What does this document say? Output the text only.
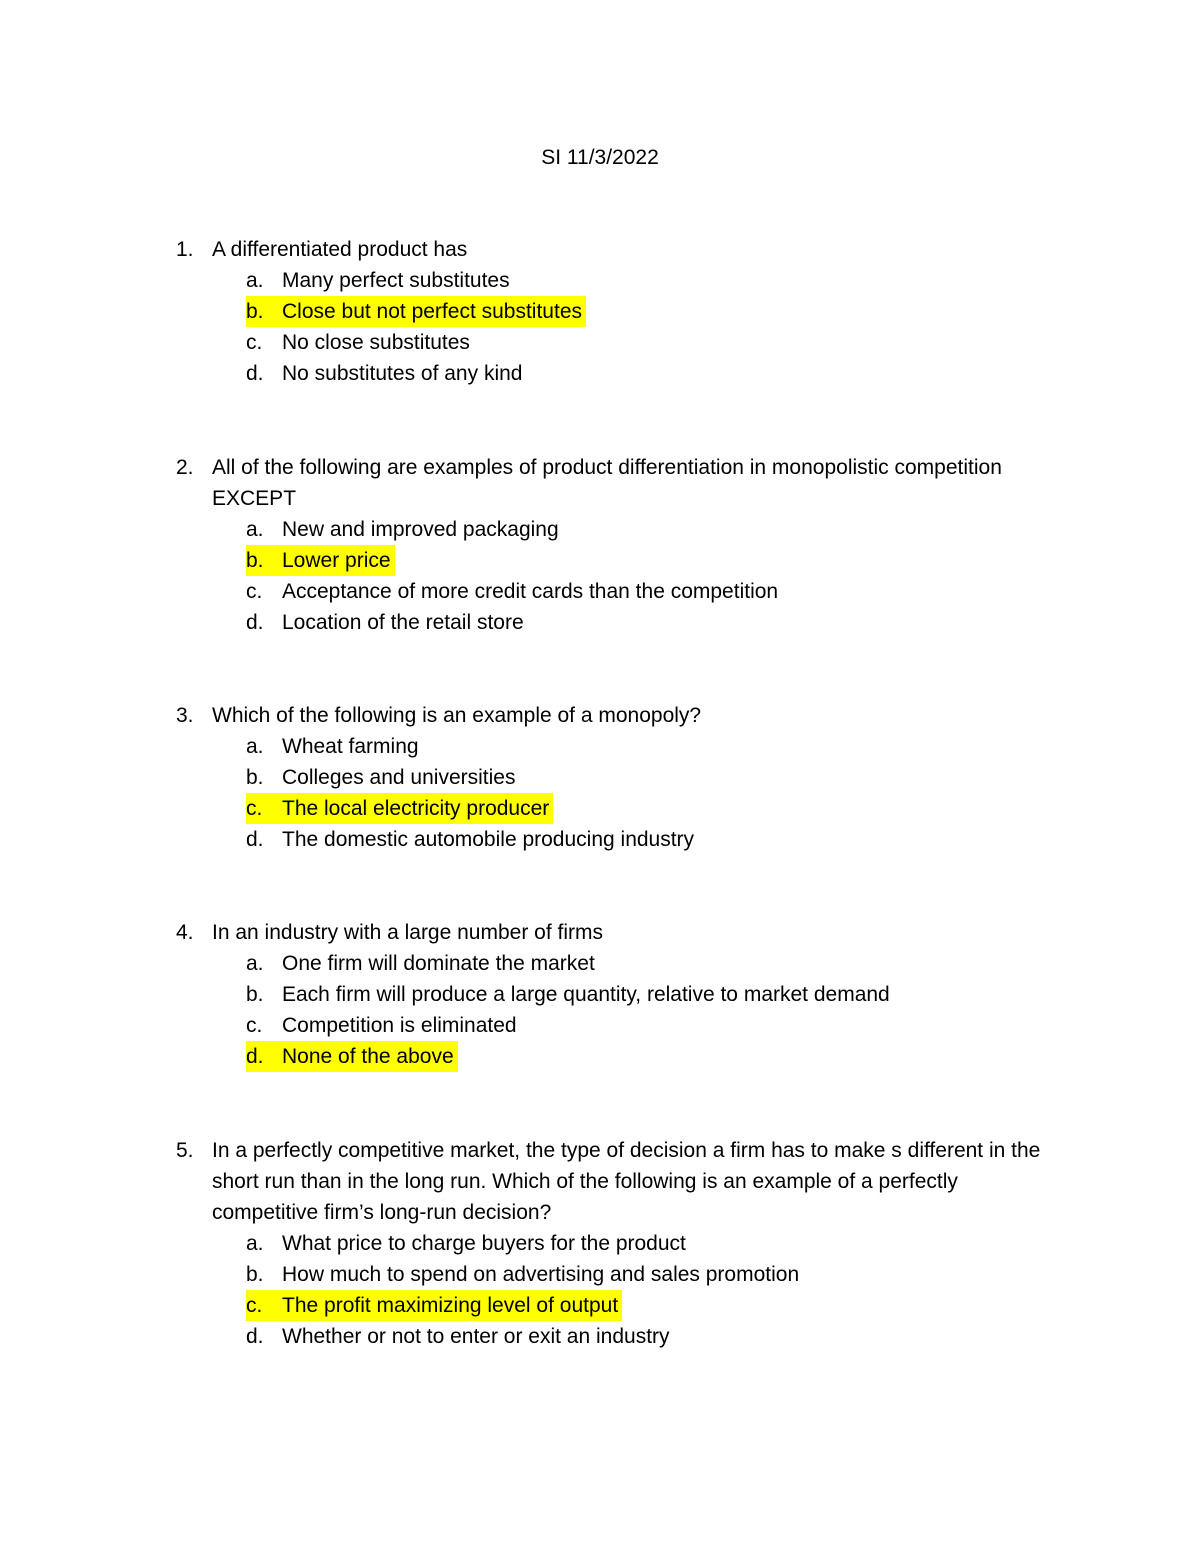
SI 11/3/2022
1. A differentiated product has
a. Many perfect substitutes
b. Close but not perfect substitutes
c. No close substitutes
d. No substitutes of any kind
2. All of the following are examples of product differentiation in monopolistic competition EXCEPT
a. New and improved packaging
b. Lower price
c. Acceptance of more credit cards than the competition
d. Location of the retail store
3. Which of the following is an example of a monopoly?
a. Wheat farming
b. Colleges and universities
c. The local electricity producer
d. The domestic automobile producing industry
4. In an industry with a large number of firms
a. One firm will dominate the market
b. Each firm will produce a large quantity, relative to market demand
c. Competition is eliminated
d. None of the above
5. In a perfectly competitive market, the type of decision a firm has to make s different in the short run than in the long run. Which of the following is an example of a perfectly competitive firm’s long-run decision?
a. What price to charge buyers for the product
b. How much to spend on advertising and sales promotion
c. The profit maximizing level of output
d. Whether or not to enter or exit an industry
